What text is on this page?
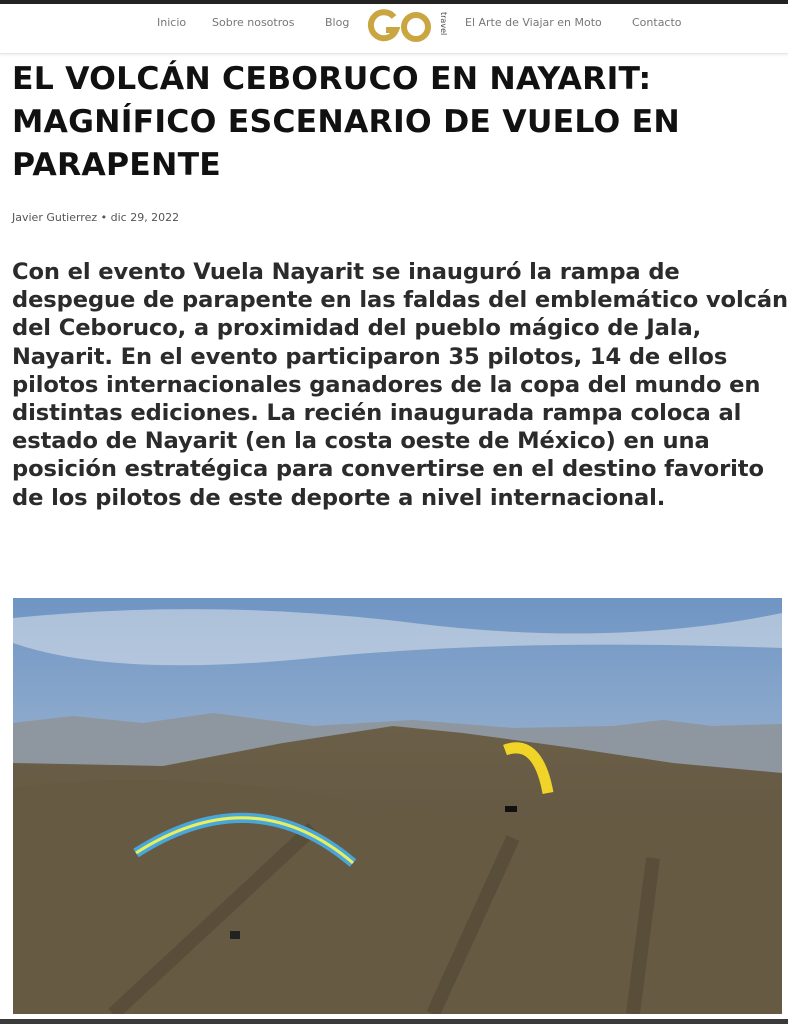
Inicio Sobre nosotros	Blog	travel El Arte de Viajar en Moto	Contacto
EL VOLCÁN CEBORUCO EN NAYARIT: MAGNÍFICO ESCENARIO DE VUELO EN PARAPENTE
Javier Gutierrez • dic 29, 2022

Con el evento Vuela Nayarit se inauguró la rampa de despegue de parapente en las faldas del emblemático volcán del Ceboruco, a proximidad del pueblo mágico de Jala, Nayarit. En el evento participaron 35 pilotos, 14 de ellos pilotos internacionales ganadores de la copa del mundo en distintas ediciones. La recién inaugurada rampa coloca al estado de Nayarit (en la costa oeste de México) en una posición estratégica para convertirse en el destino favorito de los pilotos de este deporte a nivel internacional.
